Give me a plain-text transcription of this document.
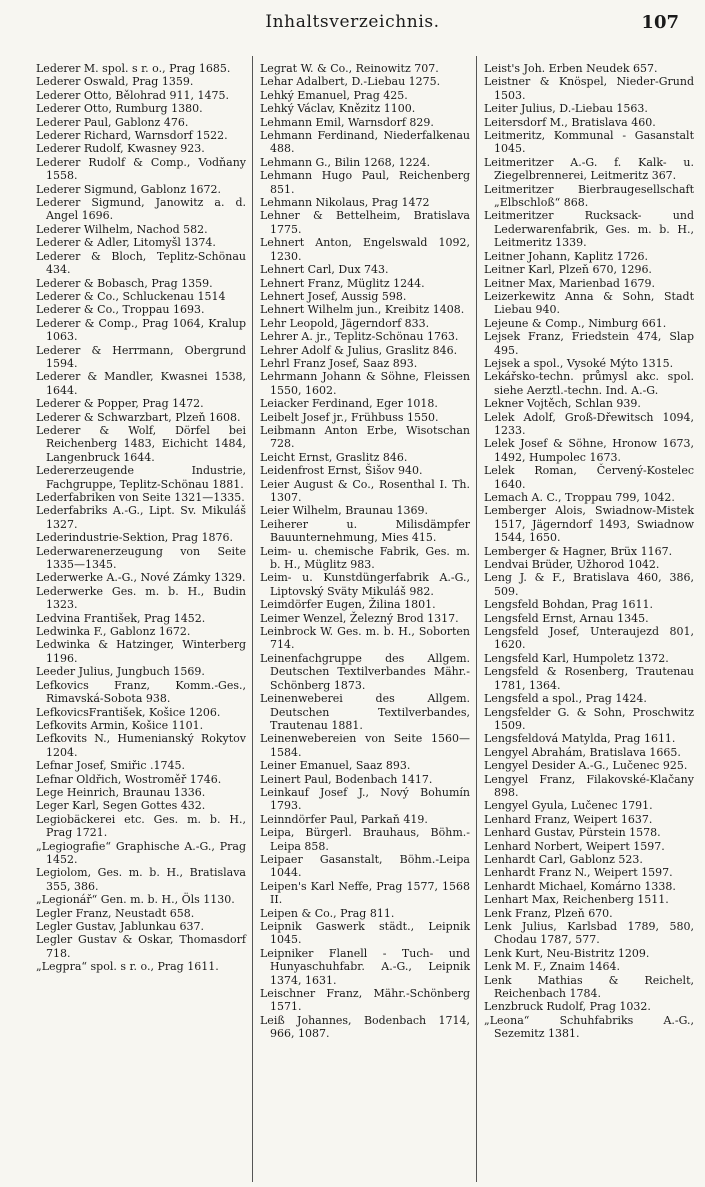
Inhaltsverzeichnis.	107
Lederer M. spol. s r. o., Prag 1685.
Lederer Oswald, Prag 1359.
Lederer Otto, Bělohrad 911, 1475.
Lederer Otto, Rumburg 1380.
Lederer Paul, Gablonz 476.
Lederer Richard, Warnsdorf 1522.
Lederer Rudolf, Kwasney 923.
Lederer Rudolf & Comp., Vodňany 1558.
Lederer Sigmund, Gablonz 1672.
Lederer Sigmund, Janowitz a. d. Angel 1696.
Lederer Wilhelm, Nachod 582.
Lederer & Adler, Litomyšl 1374.
Lederer & Bloch, Teplitz-Schönau 434.
Lederer & Bobasch, Prag 1359.
Lederer & Co., Schluckenau 1514
Lederer & Co., Troppau 1693.
Lederer & Comp., Prag 1064, Kralup 1063.
Lederer & Herrmann, Obergrund 1594.
Lederer & Mandler, Kwasnei 1538, 1644.
Lederer & Popper, Prag 1472.
Lederer & Schwarzbart, Plzeň 1608.
Lederer & Wolf, Dörfel bei Reichenberg 1483, Eichicht 1484, Langenbruck 1644.
Ledererzeugende Industrie, Fachgruppe, Teplitz-Schönau 1881.
Lederfabriken von Seite 1321—1335.
Lederfabriks A.-G., Lipt. Sv. Mikuláš 1327.
Lederindustrie-Sektion, Prag 1876.
Lederwarenerzeugung von Seite 1335—1345.
Lederwerke A.-G., Nové Zámky 1329.
Lederwerke Ges. m. b. H., Budin 1323.
Ledvina František, Prag 1452.
Ledwinka F., Gablonz 1672.
Ledwinka & Hatzinger, Winterberg 1196.
Leeder Julius, Jungbuch 1569.
Lefkovics Franz, Komm.-Ges., Rimavská-Sobota 938.
LefkovicsFrantišek, Košice 1206.
Lefkovits Armin, Košice 1101.
Lefkovits N., Humenianský Rokytov 1204.
Lefnar Josef, Smiřic .1745.
Lefnar Oldřich, Wostroměř 1746.
Lege Heinrich, Braunau 1336.
Leger Karl, Segen Gottes 432.
Legiobäckerei etc. Ges. m. b. H., Prag 1721.
„Legiografie“ Graphische A.-G., Prag 1452.
Legiolom, Ges. m. b. H., Bratislava 355, 386.
„Legionář“ Gen. m. b. H., Öls 1130.
Legler Franz, Neustadt 658.
Legler Gustav, Jablunkau 637.
Legler Gustav & Oskar, Thomasdorf 718.
„Legpra“ spol. s r. o., Prag 1611.
Legrat W. & Co., Reinowitz 707.
Lehar Adalbert, D.-Liebau 1275.
Lehký Emanuel, Prag 425.
Lehký Václav, Knězitz 1100.
Lehmann Emil, Warnsdorf 829.
Lehmann Ferdinand, Niederfalkenau 488.
Lehmann G., Bilin 1268, 1224.
Lehmann Hugo Paul, Reichenberg 851.
Lehmann Nikolaus, Prag 1472
Lehner & Bettelheim, Bratislava 1775.
Lehnert Anton, Engelswald 1092, 1230.
Lehnert Carl, Dux 743.
Lehnert Franz, Müglitz 1244.
Lehnert Josef, Aussig 598.
Lehnert Wilhelm jun., Kreibitz 1408.
Lehr Leopold, Jägerndorf 833.
Lehrer A. jr., Teplitz-Schönau 1763.
Lehrer Adolf & Julius, Graslitz 846.
Lehrl Franz Josef, Saaz 893.
Lehrmann Johann & Söhne, Fleissen 1550, 1602.
Leiacker Ferdinand, Eger 1018.
Leibelt Josef jr., Frühbuss 1550.
Leibmann Anton Erbe, Wisotschan 728.
Leicht Ernst, Graslitz 846.
Leidenfrost Ernst, Šišov 940.
Leier August & Co., Rosenthal I. Th. 1307.
Leier Wilhelm, Braunau 1369.
Leiherer u. Milisdämpfer Bauunternehmung, Mies 415.
Leim- u. chemische Fabrik, Ges. m. b. H., Müglitz 983.
Leim- u. Kunstdüngerfabrik A.-G., Liptovský Sväty Mikuláš 982.
Leimdörfer Eugen, Žilina 1801.
Leimer Wenzel, Železný Brod 1317.
Leinbrock W. Ges. m. b. H., Soborten 714.
Leinenfachgruppe des Allgem. Deutschen Textilverbandes Mähr.-Schönberg 1873.
Leinenweberei des Allgem. Deutschen Textilverbandes, Trautenau 1881.
Leinenwebereien von Seite 1560—1584.
Leiner Emanuel, Saaz 893.
Leinert Paul, Bodenbach 1417.
Leinkauf Josef J., Nový Bohumín 1793.
Leinndörfer Paul, Parkaň 419.
Leipa, Bürgerl. Brauhaus, Böhm.-Leipa 858.
Leipaer Gasanstalt, Böhm.-Leipa 1044.
Leipen's Karl Neffe, Prag 1577, 1568 II.
Leipen & Co., Prag 811.
Leipnik Gaswerk städt., Leipnik 1045.
Leipniker Flanell - Tuch- und Hunyaschuhfabr. A.-G., Leipnik 1374, 1631.
Leischner Franz, Mähr.-Schönberg 1571.
Leiß Johannes, Bodenbach 1714, 966, 1087.
Leist's Joh. Erben Neudek 657.
Leistner & Knöspel, Nieder-Grund 1503.
Leiter Julius, D.-Liebau 1563.
Leitersdorf M., Bratislava 460.
Leitmeritz, Kommunal - Gasanstalt 1045.
Leitmeritzer A.-G. f. Kalk- u. Ziegelbrennerei, Leitmeritz 367.
Leitmeritzer Bierbraugesellschaft „Elbschloß“ 868.
Leitmeritzer Rucksack- und Lederwarenfabrik, Ges. m. b. H., Leitmeritz 1339.
Leitner Johann, Kaplitz 1726.
Leitner Karl, Plzeň 670, 1296.
Leitner Max, Marienbad 1679.
Leizerkewitz Anna & Sohn, Stadt Liebau 940.
Lejeune & Comp., Nimburg 661.
Lejsek Franz, Friedstein 474, Slap 495.
Lejsek a spol., Vysoké Mýto 1315.
Lekářsko-techn. průmysl akc. spol. siehe Aerztl.-techn. Ind. A.-G.
Lekner Vojtěch, Schlan 939.
Lelek Adolf, Groß-Dřewitsch 1094, 1233.
Lelek Josef & Söhne, Hronow 1673, 1492, Humpolec 1673.
Lelek Roman, Červený-Kostelec 1640.
Lemach A. C., Troppau 799, 1042.
Lemberger Alois, Swiadnow-Mistek 1517, Jägerndorf 1493, Swiadnow 1544, 1650.
Lemberger & Hagner, Brüx 1167.
Lendvai Brüder, Užhorod 1042.
Leng J. & F., Bratislava 460, 386, 509.
Lengsfeld Bohdan, Prag 1611.
Lengsfeld Ernst, Arnau 1345.
Lengsfeld Josef, Unteraujezd 801, 1620.
Lengsfeld Karl, Humpoletz 1372.
Lengsfeld & Rosenberg, Trautenau 1781, 1364.
Lengsfeld a spol., Prag 1424.
Lengsfelder G. & Sohn, Proschwitz 1509.
Lengsfeldová Matylda, Prag 1611.
Lengyel Abrahám, Bratislava 1665.
Lengyel Desider A.-G., Lučenec 925.
Lengyel Franz, Filakovské-Klačany 898.
Lengyel Gyula, Lučenec 1791.
Lenhard Franz, Weipert 1637.
Lenhard Gustav, Pürstein 1578.
Lenhard Norbert, Weipert 1597.
Lenhardt Carl, Gablonz 523.
Lenhardt Franz N., Weipert 1597.
Lenhardt Michael, Komárno 1338.
Lenhart Max, Reichenberg 1511.
Lenk Franz, Plzeň 670.
Lenk Julius, Karlsbad 1789, 580, Chodau 1787, 577.
Lenk Kurt, Neu-Bistritz 1209.
Lenk M. F., Znaim 1464.
Lenk Mathias & Reichelt, Reichenbach 1784.
Lenzbruck Rudolf, Prag 1032.
„Leona“ Schuhfabriks A.-G., Sezemitz 1381.
